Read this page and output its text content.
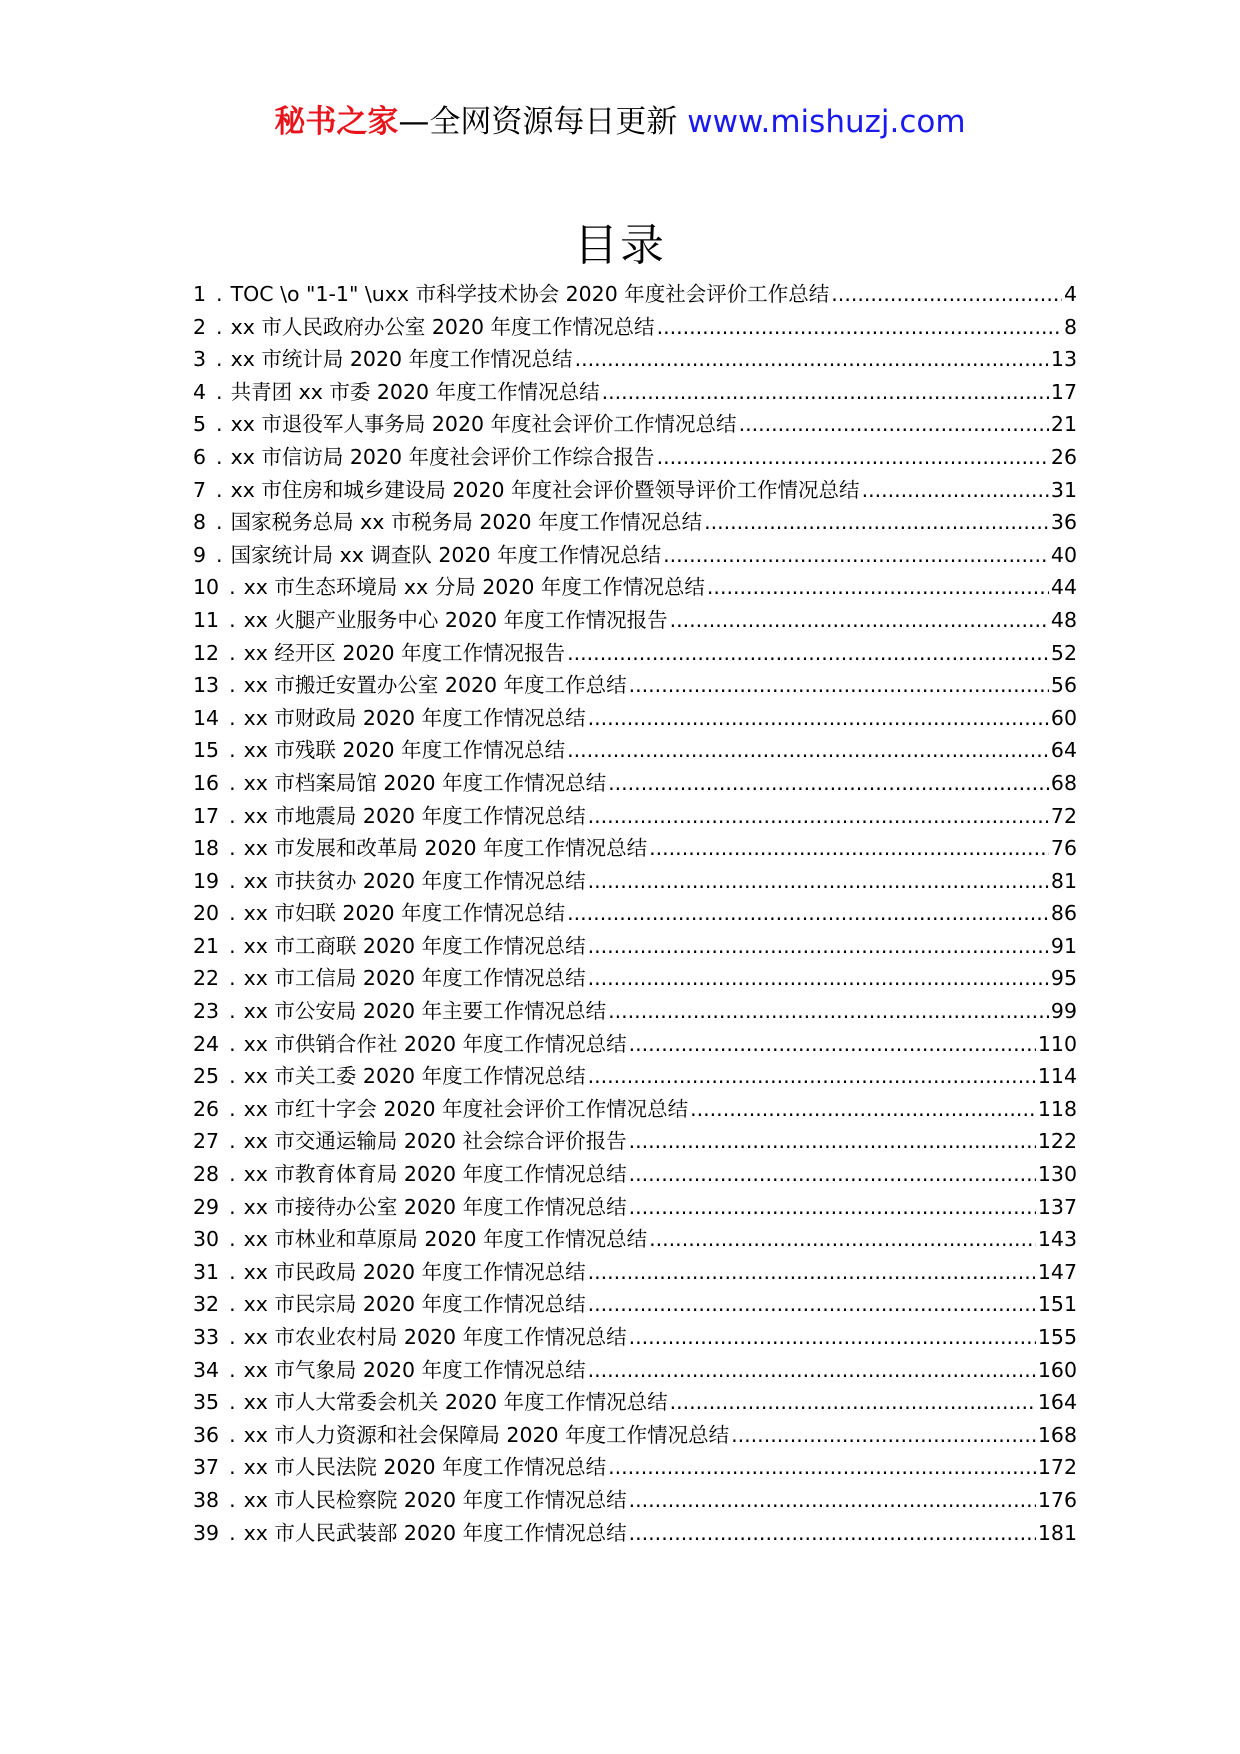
秘书之家—全网资源每日更新 www.mishuzj.com
目录
1 . TOC \o "1-1" \uxx 市科学技术协会 2020 年度社会评价工作总结 .....	4
2 . xx 市人民政府办公室 2020 年度工作情况总结 .....	8
3 . xx 市统计局 2020 年度工作情况总结 .....	13
4 . 共青团 xx 市委 2020 年度工作情况总结 .....	17
5 . xx 市退役军人事务局 2020 年度社会评价工作情况总结 .....	21
6 . xx 市信访局 2020 年度社会评价工作综合报告 .....	26
7 . xx 市住房和城乡建设局 2020 年度社会评价暨领导评价工作情况总结 .....	31
8 . 国家税务总局 xx 市税务局 2020 年度工作情况总结 .....	36
9 . 国家统计局 xx 调查队 2020 年度工作情况总结 .....	40
10 . xx 市生态环境局 xx 分局 2020 年度工作情况总结 .....	44
11 . xx 火腿产业服务中心 2020 年度工作情况报告 .....	48
12 . xx 经开区 2020 年度工作情况报告 .....	52
13 . xx 市搬迁安置办公室 2020 年度工作总结 .....	56
14 . xx 市财政局 2020 年度工作情况总结 .....	60
15 . xx 市残联 2020 年度工作情况总结 .....	64
16 . xx 市档案局馆 2020 年度工作情况总结 .....	68
17 . xx 市地震局 2020 年度工作情况总结 .....	72
18 . xx 市发展和改革局 2020 年度工作情况总结 .....	76
19 . xx 市扶贫办 2020 年度工作情况总结 .....	81
20 . xx 市妇联 2020 年度工作情况总结 .....	86
21 . xx 市工商联 2020 年度工作情况总结 .....	91
22 . xx 市工信局 2020 年度工作情况总结 .....	95
23 . xx 市公安局 2020 年主要工作情况总结 .....	99
24 . xx 市供销合作社 2020 年度工作情况总结 .....	110
25 . xx 市关工委 2020 年度工作情况总结 .....	114
26 . xx 市红十字会 2020 年度社会评价工作情况总结 .....	118
27 . xx 市交通运输局 2020 社会综合评价报告 .....	122
28 . xx 市教育体育局 2020 年度工作情况总结 .....	130
29 . xx 市接待办公室 2020 年度工作情况总结 .....	137
30 . xx 市林业和草原局 2020 年度工作情况总结 .....	143
31 . xx 市民政局 2020 年度工作情况总结 .....	147
32 . xx 市民宗局 2020 年度工作情况总结 .....	151
33 . xx 市农业农村局 2020 年度工作情况总结 .....	155
34 . xx 市气象局 2020 年度工作情况总结 .....	160
35 . xx 市人大常委会机关 2020 年度工作情况总结 .....	164
36 . xx 市人力资源和社会保障局 2020 年度工作情况总结 .....	168
37 . xx 市人民法院 2020 年度工作情况总结 .....	172
38 . xx 市人民检察院 2020 年度工作情况总结 .....	176
39 . xx 市人民武装部 2020 年度工作情况总结 .....	181
